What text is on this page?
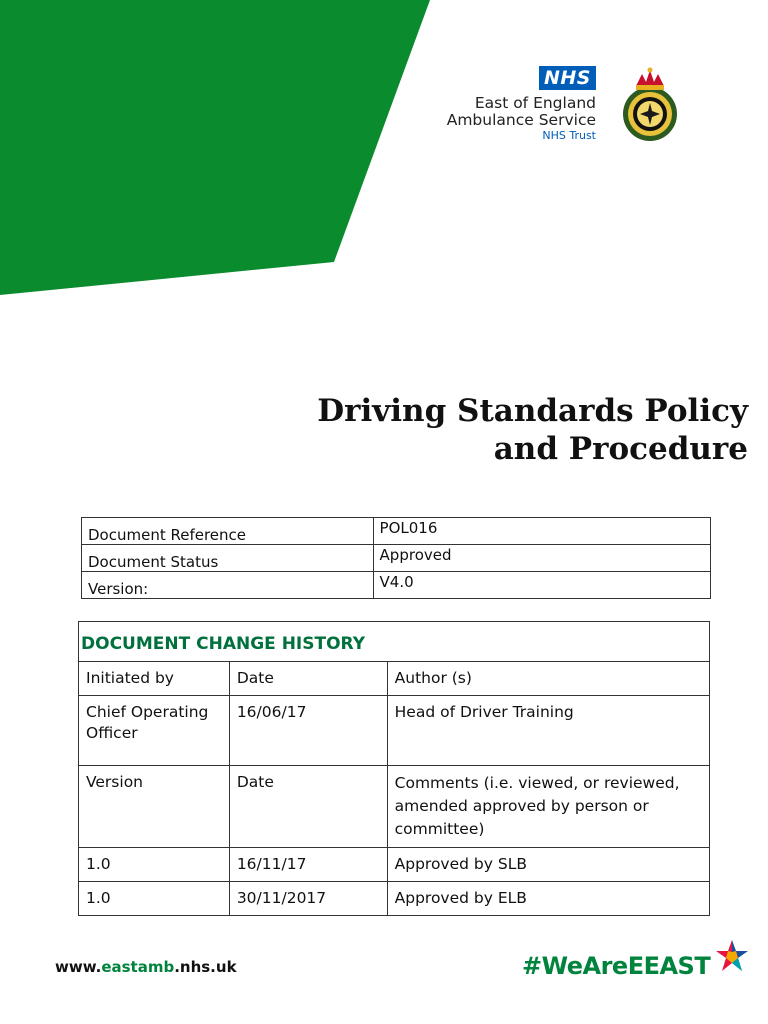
NHS
East of England
Ambulance Service
NHS Trust
Driving Standards Policy
and Procedure
Document Reference	POL016
Document Status	Approved
Version:	V4.0
DOCUMENT CHANGE HISTORY		
Initiated by	Date	Author (s)
Chief Operating Officer	16/06/17	Head of Driver Training
Version	Date	Comments (i.e. viewed, or reviewed, amended approved by person or committee)
1.0	16/11/17	Approved by SLB
1.0	30/11/2017	Approved by ELB
www.eastamb.nhs.uk	#WeAreEEAST
